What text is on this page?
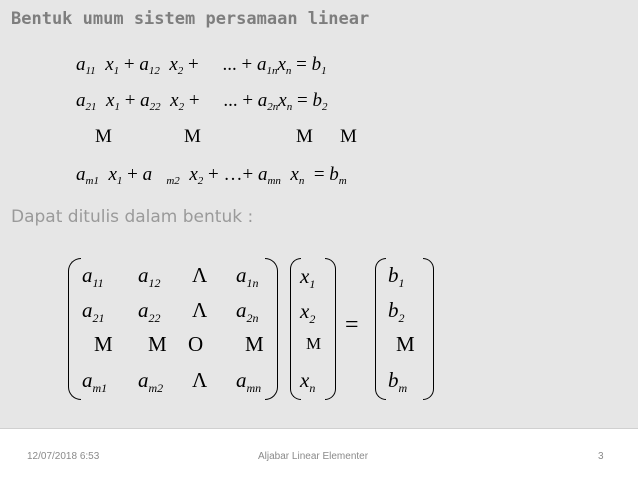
Bentuk umum sistem persamaan linear
$a_{11}$  $x_1 + a_{12}$  $x_2$ + ... + $a_{1n}x_n = b_1$
$a_{21}$  $x_1 + a_{22}$  $x_2$ + ... + $a_{2n}x_n = b_2$
M	M	M M
$a_{m1}$  $x_1 + a$   $_{m2}$  $x_2$ + …+ $a_{mn}$  $x_n = b_m$
Dapat ditulis dalam bentuk :
$a_{11}$ $a_{12}$ Λ $a_{1n}$
$a_{21}$ $a_{22}$ Λ $a_{2n}$
M M O M
$a_{m1}$ $a_{m2}$ Λ $a_{mn}$
$x_1$
$x_2$
M
$x_n$
=
$b_1$
$b_2$
M
$b_m$
12/07/2018 6:53	Aljabar Linear Elementer	3
